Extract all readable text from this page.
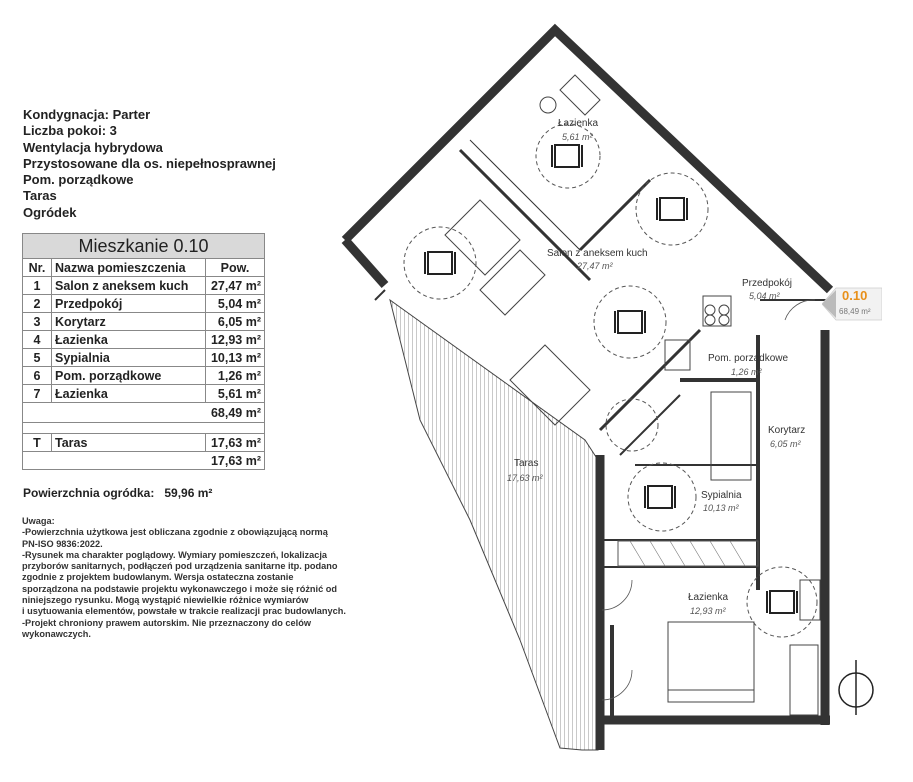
Kondygnacja: Parter
Liczba pokoi: 3
Wentylacja hybrydowa
Przystosowane dla os. niepełnosprawnej
Pom. porządkowe
Taras
Ogródek
Mieszkanie 0.10		
Nr.	Nazwa pomieszczenia	Pow.
1	Salon z aneksem kuch	27,47 m²
2	Przedpokój	5,04 m²
3	Korytarz	6,05 m²
4	Łazienka	12,93 m²
5	Sypialnia	10,13 m²
6	Pom. porządkowe	1,26 m²
7	Łazienka	5,61 m²
68,49 m²		

T	Taras	17,63 m²
17,63 m²		
Powierzchnia ogródka: 59,96 m²
Uwaga:
-Powierzchnia użytkowa jest obliczana zgodnie z obowiązującą normą
PN-ISO 9836:2022.
-Rysunek ma charakter poglądowy. Wymiary pomieszczeń, lokalizacja
przyborów sanitarnych, podłączeń pod urządzenia sanitarne itp. podano
zgodnie z projektem budowlanym. Wersja ostateczna zostanie
sporządzona na podstawie projektu wykonawczego i może się różnić od
niniejszego rysunku. Mogą wystąpić niewielkie różnice wymiarów
i usytuowania elementów, powstałe w trakcie realizacji prac budowlanych.
-Projekt chroniony prawem autorskim. Nie przeznaczony do celów
wykonawczych.
Łazienka
5,61 m²
Salon z aneksem kuch
27,47 m²
Przedpokój
5,04 m²
Pom. porządkowe
1,26 m²
Korytarz
6,05 m²
Taras
17,63 m²
Sypialnia
10,13 m²
Łazienka
12,93 m²
0.10
68,49 m²
